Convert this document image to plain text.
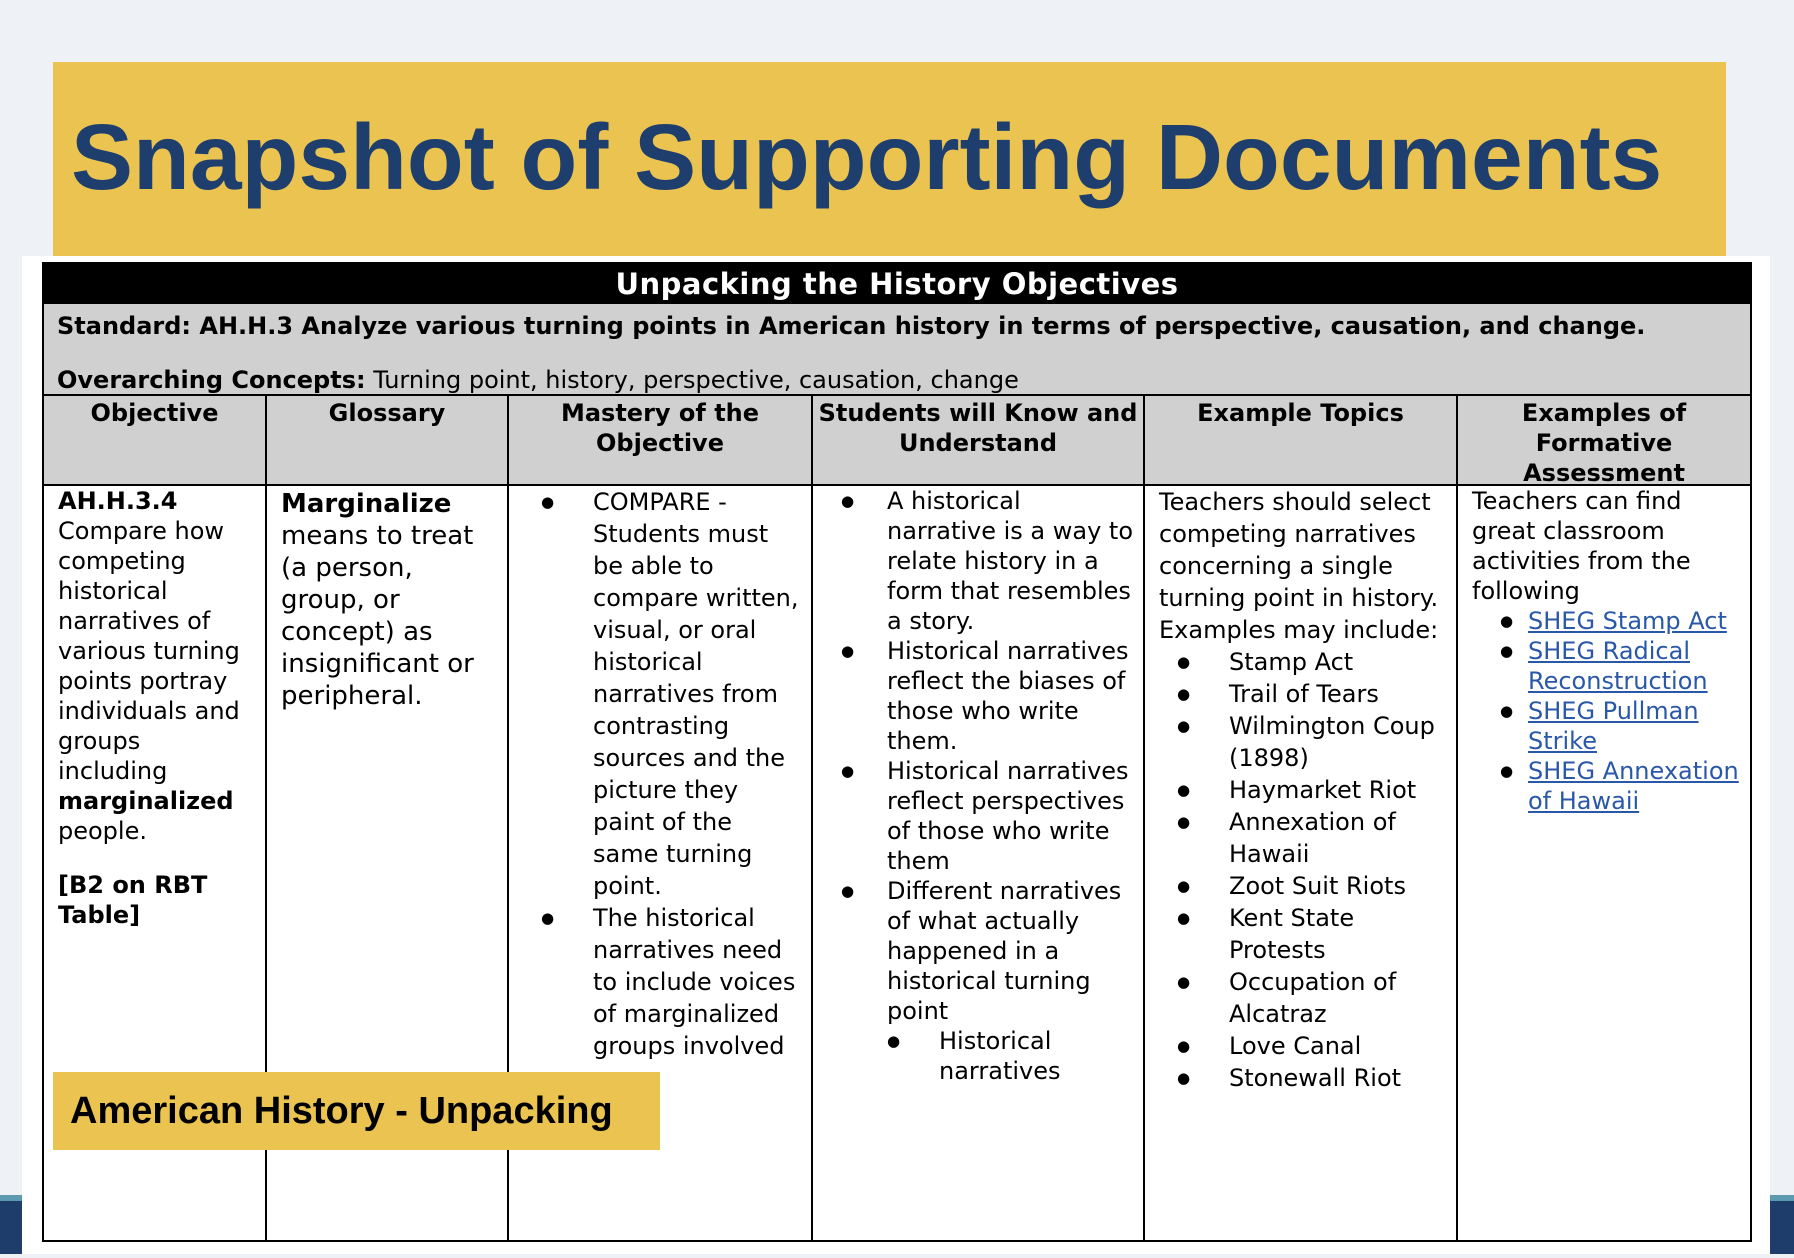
Snapshot of Supporting Documents
Unpacking the History Objectives
Standard: AH.H.3 Analyze various turning points in American history in terms of perspective, causation, and change.
Overarching Concepts: Turning point, history, perspective, causation, change
Objective

AH.H.3.4

Compare how competing historical narratives of various turning points portray individuals and groups including marginalized people.

[B2 on RBT Table]

Glossary

Marginalize means to treat (a person, group, or concept) as insignificant or peripheral.

Mastery of the Objective
● COMPARE - Students must be able to compare written, visual, or oral historical narratives from contrasting sources and the picture they paint of the same turning point.
● The historical narratives need to include voices of marginalized groups involved
Students will Know and Understand
● A historical narrative is a way to relate history in a form that resembles a story.
● Historical narratives reflect the biases of those who write them.
● Historical narratives reflect perspectives of those who write them
● Different narratives of what actually happened in a historical turning point
● Historical narratives
Example Topics

Teachers should select competing narratives concerning a single turning point in history. Examples may include:

● Stamp Act
● Trail of Tears
● Wilmington Coup (1898)
● Haymarket Riot
● Annexation of Hawaii
● Zoot Suit Riots
● Kent State Protests
● Occupation of Alcatraz
● Love Canal
● Stonewall Riot
Examples of Formative Assessment

Teachers can find great classroom activities from the following

● SHEG Stamp Act
● SHEG Radical Reconstruction
● SHEG Pullman Strike
● SHEG Annexation of Hawaii
American History - Unpacking
